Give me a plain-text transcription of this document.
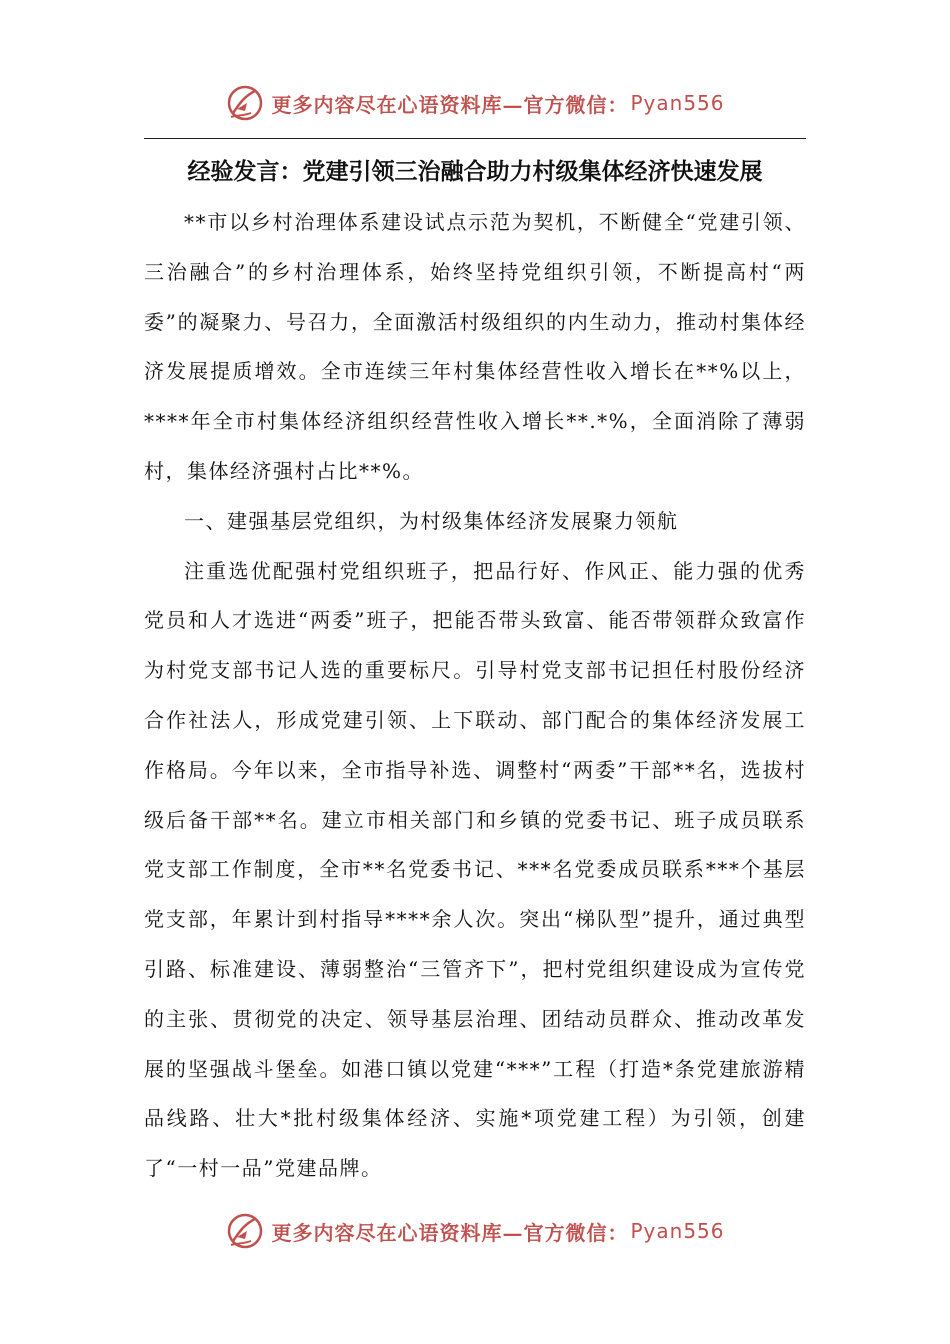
更多内容尽在心语资料库—官方微信： Pyan556
经验发言：党建引领三治融合助力村级集体经济快速发展

**市以乡村治理体系建设试点示范为契机，不断健全“党建引领、三治融合”的乡村治理体系，始终坚持党组织引领，不断提高村“两委”的凝聚力、号召力，全面激活村级组织的内生动力，推动村集体经济发展提质增效。全市连续三年村集体经营性收入增长在**%以上，****年全市村集体经济组织经营性收入增长**.*%，全面消除了薄弱村，集体经济强村占比**%。

一、建强基层党组织，为村级集体经济发展聚力领航

注重选优配强村党组织班子，把品行好、作风正、能力强的优秀党员和人才选进“两委”班子，把能否带头致富、能否带领群众致富作为村党支部书记人选的重要标尺。引导村党支部书记担任村股份经济合作社法人，形成党建引领、上下联动、部门配合的集体经济发展工作格局。今年以来，全市指导补选、调整村“两委”干部**名，选拔村级后备干部**名。建立市相关部门和乡镇的党委书记、班子成员联系党支部工作制度，全市**名党委书记、***名党委成员联系***个基层党支部，年累计到村指导****余人次。突出“梯队型”提升，通过典型引路、标准建设、薄弱整治“三管齐下”，把村党组织建设成为宣传党的主张、贯彻党的决定、领导基层治理、团结动员群众、推动改革发展的坚强战斗堡垒。如港口镇以党建“***”工程（打造*条党建旅游精品线路、壮大*批村级集体经济、实施*项党建工程）为引领，创建了“一村一品”党建品牌。

更多内容尽在心语资料库—官方微信： Pyan556
